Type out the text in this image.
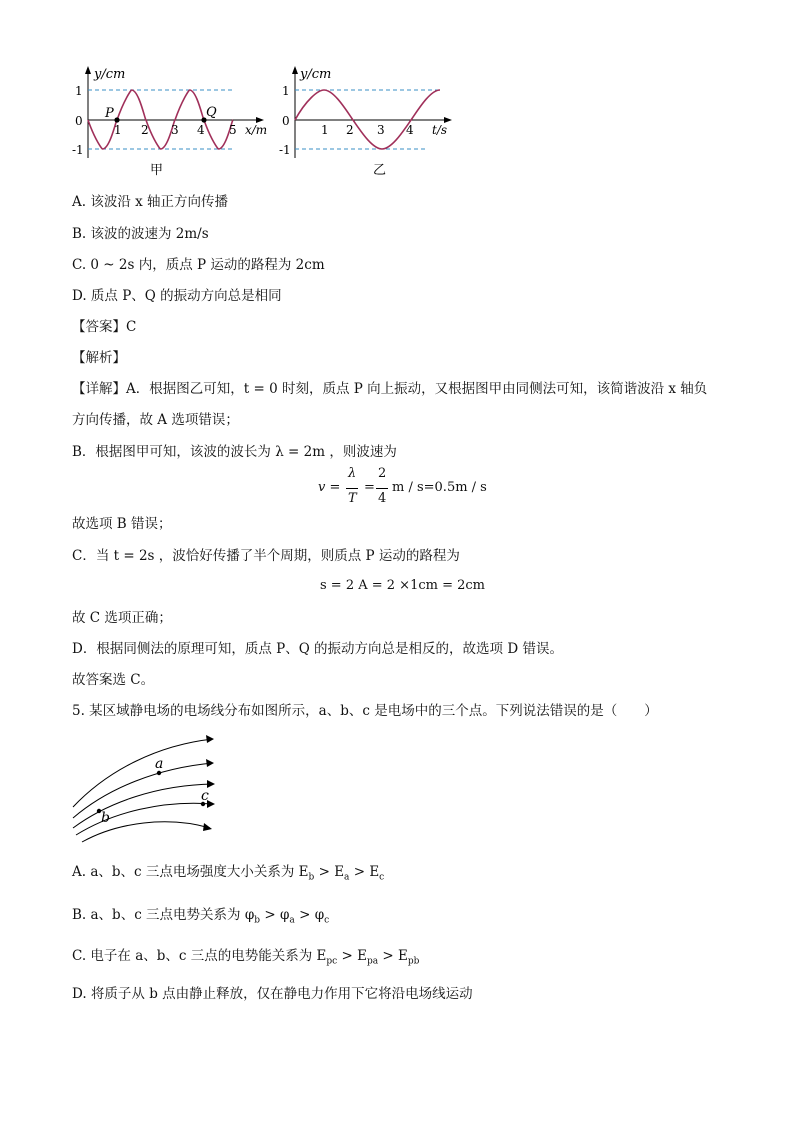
y/cm
1
0
-1
1 2 3 4 5 x/m
P	Q
甲
y/cm
1
0
-1
1 2 3 4 t/s
乙
A. 该波沿 x 轴正方向传播
B. 该波的波速为 2m/s
C. 0 ~ 2s 内，质点 P 运动的路程为 2cm
D. 质点 P、Q 的振动方向总是相同
【答案】C
【解析】
【详解】A．根据图乙可知，t = 0 时刻，质点 P 向上振动，又根据图甲由同侧法可知，该简谐波沿 x 轴负
方向传播，故 A 选项错误；
B．根据图甲可知，该波的波长为 λ = 2m ，则波速为
v =
λ
T
=
2
4
m / s=0.5m / s
故选项 B 错误；
C．当 t = 2s ，波恰好传播了半个周期，则质点 P 运动的路程为
s = 2 A = 2 ×1cm = 2cm
故 C 选项正确；
D．根据同侧法的原理可知，质点 P、Q 的振动方向总是相反的，故选项 D 错误。
故答案选 C。
5. 某区域静电场的电场线分布如图所示，a、b、c 是电场中的三个点。下列说法错误的是（　　）
a
b
c
A. a、b、c 三点电场强度大小关系为 $E_b > E_a > E_c$
B. a、b、c 三点电势关系为 $\varphi_b > \varphi_a > \varphi_c$
C. 电子在 a、b、c 三点的电势能关系为 $E_{pc} > E_{pa} > E_{pb}$
D. 将质子从 b 点由静止释放，仅在静电力作用下它将沿电场线运动
